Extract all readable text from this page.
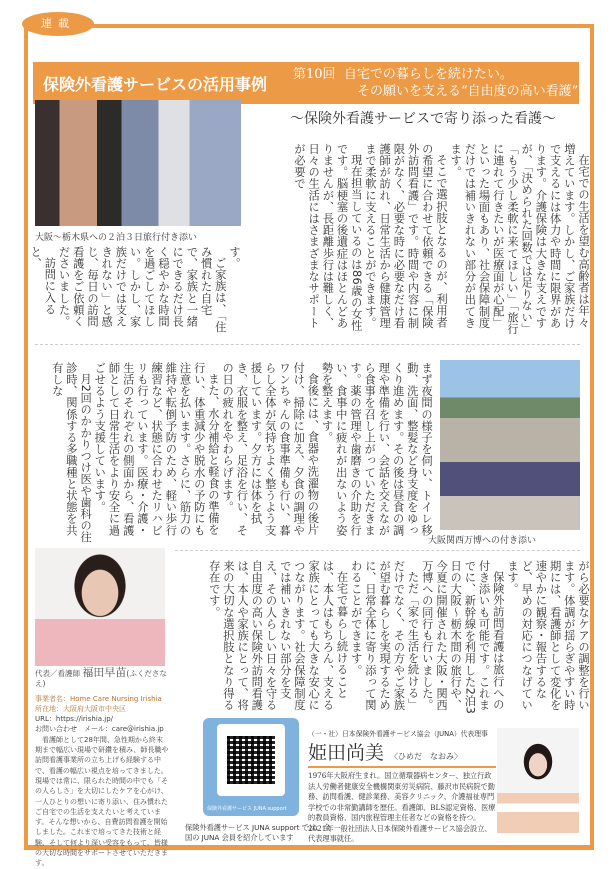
連載
保険外看護サービスの活用事例
第10回 自宅での暮らしを続けたい。
その願いを支える“自由度の高い看護”
～保険外看護サービスで寄り添った看護～
大阪～栃木県への２泊３日旅行付き添い	在宅での生活を望む高齢者は年々増えています。しかし、ご家族だけで支えるには体力や時間に限界があります。介護保険は大きな支えですが、「決められた回数では足りない」「もう少し柔軟に来てほしい」「旅行に連れて行きたいが医療面が心配」といった場面もあり、社会保障制度だけでは補いきれない部分が出てきます。

そこで選択肢となるのが、利用者の希望に合わせて依頼できる「保険外訪問看護」です。時間や内容に制限がなく、必要な時に必要なだけ看護師が訪れ、日常生活から健康管理まで柔軟に支えることができます。

現在担当しているのは86歳の女性です。脳梗塞の後遺症はほとんどありませんが、長距離歩行は難しく、日々の生活にはさまざまなサポートが必要で

す。

ご家族は、「住み慣れた自宅で、家族と一緒にできるだけ長く穏やかな時間を過ごしてほしい。しかし、家族だけでは支えきれない」と感じ、毎日の訪問看護をご依頼くださいました。

訪問に入ると、

まず夜間の様子を伺い、トイレ移動、洗面、整髪など身支度をゆっくり進めます。その後は昼食の調理や準備を行い、会話を交えながら食事を召し上がっていただきます。薬の管理や歯磨きの介助を行い、食事中に疲れが出ないよう姿勢を整えます。

食後には、食器や洗濯物の後片付け、掃除に加え、夕食の調理やワンちゃんの食事準備も行い、暮らし全体が気持ちよく整うよう支援しています。夕方には体を拭き、衣服を整え、足浴を行い、その日の疲れをやわらげます。

また、水分補給と軽食の準備を行い、体重減少や脱水の予防にも注意を払います。さらに、筋力の維持や転倒予防のため、軽い歩行練習など、状態に合わせたリハビリも行っています。医療・介護・生活のそれぞれの側面から、看護師として日常生活をより安全に過ごせるよう支援しています。

月2回のかかりつけ医や歯科の往診時、関係する多職種と状態を共有しな

大阪関西万博への付き添い

がら必要なケアの調整を行います。体調が揺らぎやすい時期には、看護師として変化を速やかに観察・報告するなど、早めの対応につなげています。

保険外訪問看護は旅行への付き添いも可能です。これまでに、新幹線を利用した2泊3日の大阪～栃木間の旅行や、今夏に開催された大阪・関西万博への同行も行いました。

ただ「家で生活を続ける」だけでなく、その方やご家族が望む暮らしを実現するために、日常全体に寄り添って関わることができます。

在宅で暮らし続けることは、本人はもちろん、支える家族にとっても大きな安心につながります。社会保障制度では補いきれない部分を支え、その人らしい日々を守る自由度の高い保険外訪問看護は、本人や家族にとって、将来の大切な選択肢となり得る存在です。

代表／看護師 福田早苗(ふくださなえ)
事業者名：Home Care Nursing Irishia
所在地：大阪府大阪市中央区
URL：https://irishia.jp/
お問い合わせ　メール：care@irishia.jp
看護師として28年間、急性期から終末期まで幅広い現場で研鑽を積み、師長職や訪問看護事業所の立ち上げも経験する中で、看護の幅広い視点を培ってきました。現場では常に、限られた時間の中でも「その人らしさ」を大切にしたケアを心がけ、一人ひとりの想いに寄り添い、住み慣れたご自宅での生活を支えたいと考えています。そんな想いから、自費訪問看護を開始しました。これまで培ってきた技術と経験、そして何より深い受容をもって、皆様の大切な時間をサポートさせていただきます。
保険外看護サービス JUNA support
保険外看護サービス JUNA support では、全国の JUNA 会員を紹介しています
（一・社）日本保険外看護サービス協会（JUNA）代表理事
姫田尚美 〈ひめだ　なおみ〉
1976年大阪府生まれ。国立循環器病センター、独立行政法人労働者健康安全機構関東労災病院、藤沢市民病院で勤務、訪問看護、健診業務、美容クリニック、介護福祉専門学校での非常勤講師を歴任。看護師、BLS認定資格、医療的教員資格、国内旅程管理主任者などの資格を持つ。2021年一般社団法人日本保険外看護サービス協会設立、代表理事就任。
